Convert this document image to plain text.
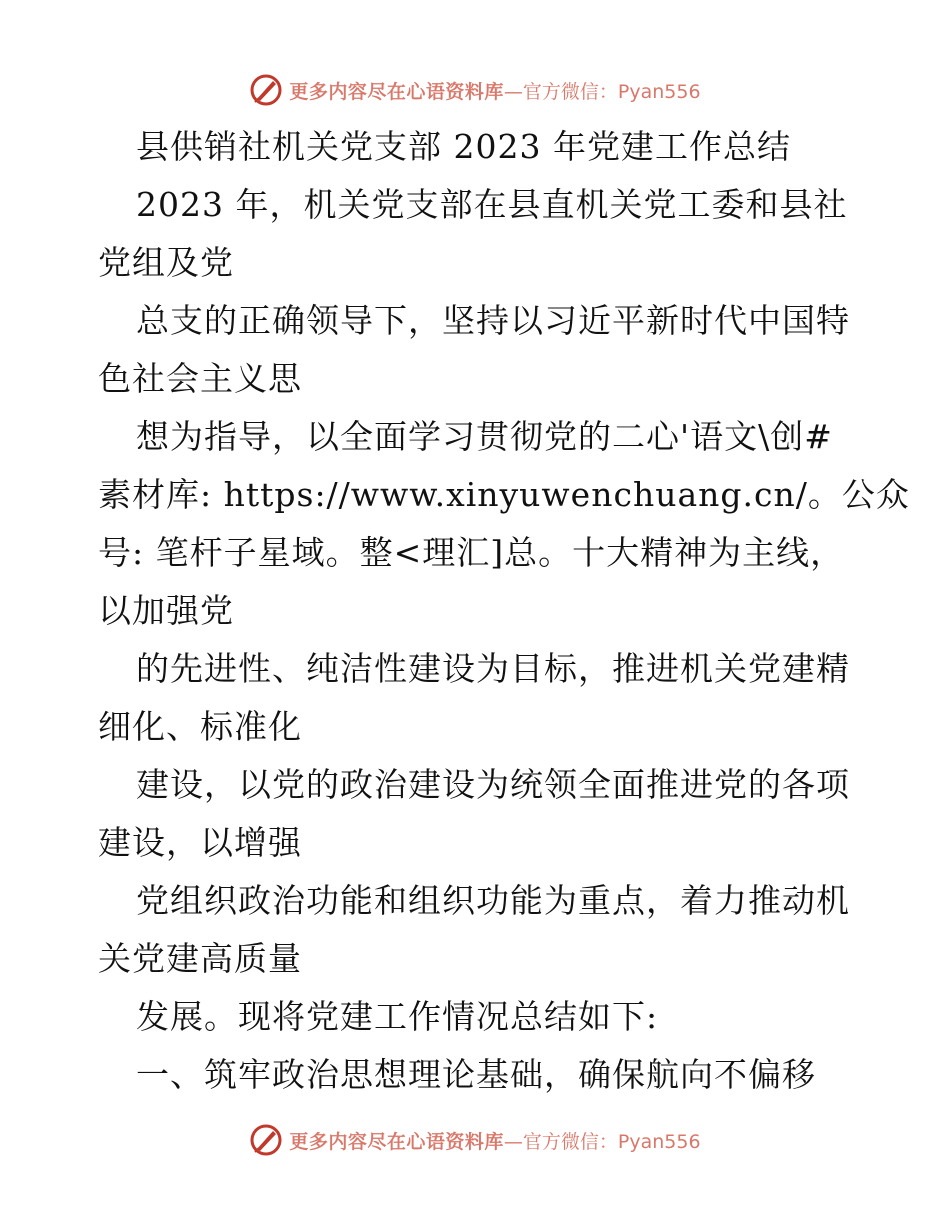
更多内容尽在心语资料库 —官方微信：Pyan556
县供销社机关党支部 2023 年党建工作总结
2023 年，机关党支部在县直机关党工委和县社
党组及党
总支的正确领导下，坚持以习近平新时代中国特
色社会主义思
想为指导，以全面学习贯彻党的二心'语文\创#
素材库: https://www.xinyuwenchuang.cn/。公众
号: 笔杆子星域。整<理汇]总。十大精神为主线，
以加强党
的先进性、纯洁性建设为目标，推进机关党建精
细化、标准化
建设，以党的政治建设为统领全面推进党的各项
建设，以增强
党组织政治功能和组织功能为重点，着力推动机
关党建高质量
发展。现将党建工作情况总结如下:
一、筑牢政治思想理论基础，确保航向不偏移
更多内容尽在心语资料库 —官方微信：Pyan556
